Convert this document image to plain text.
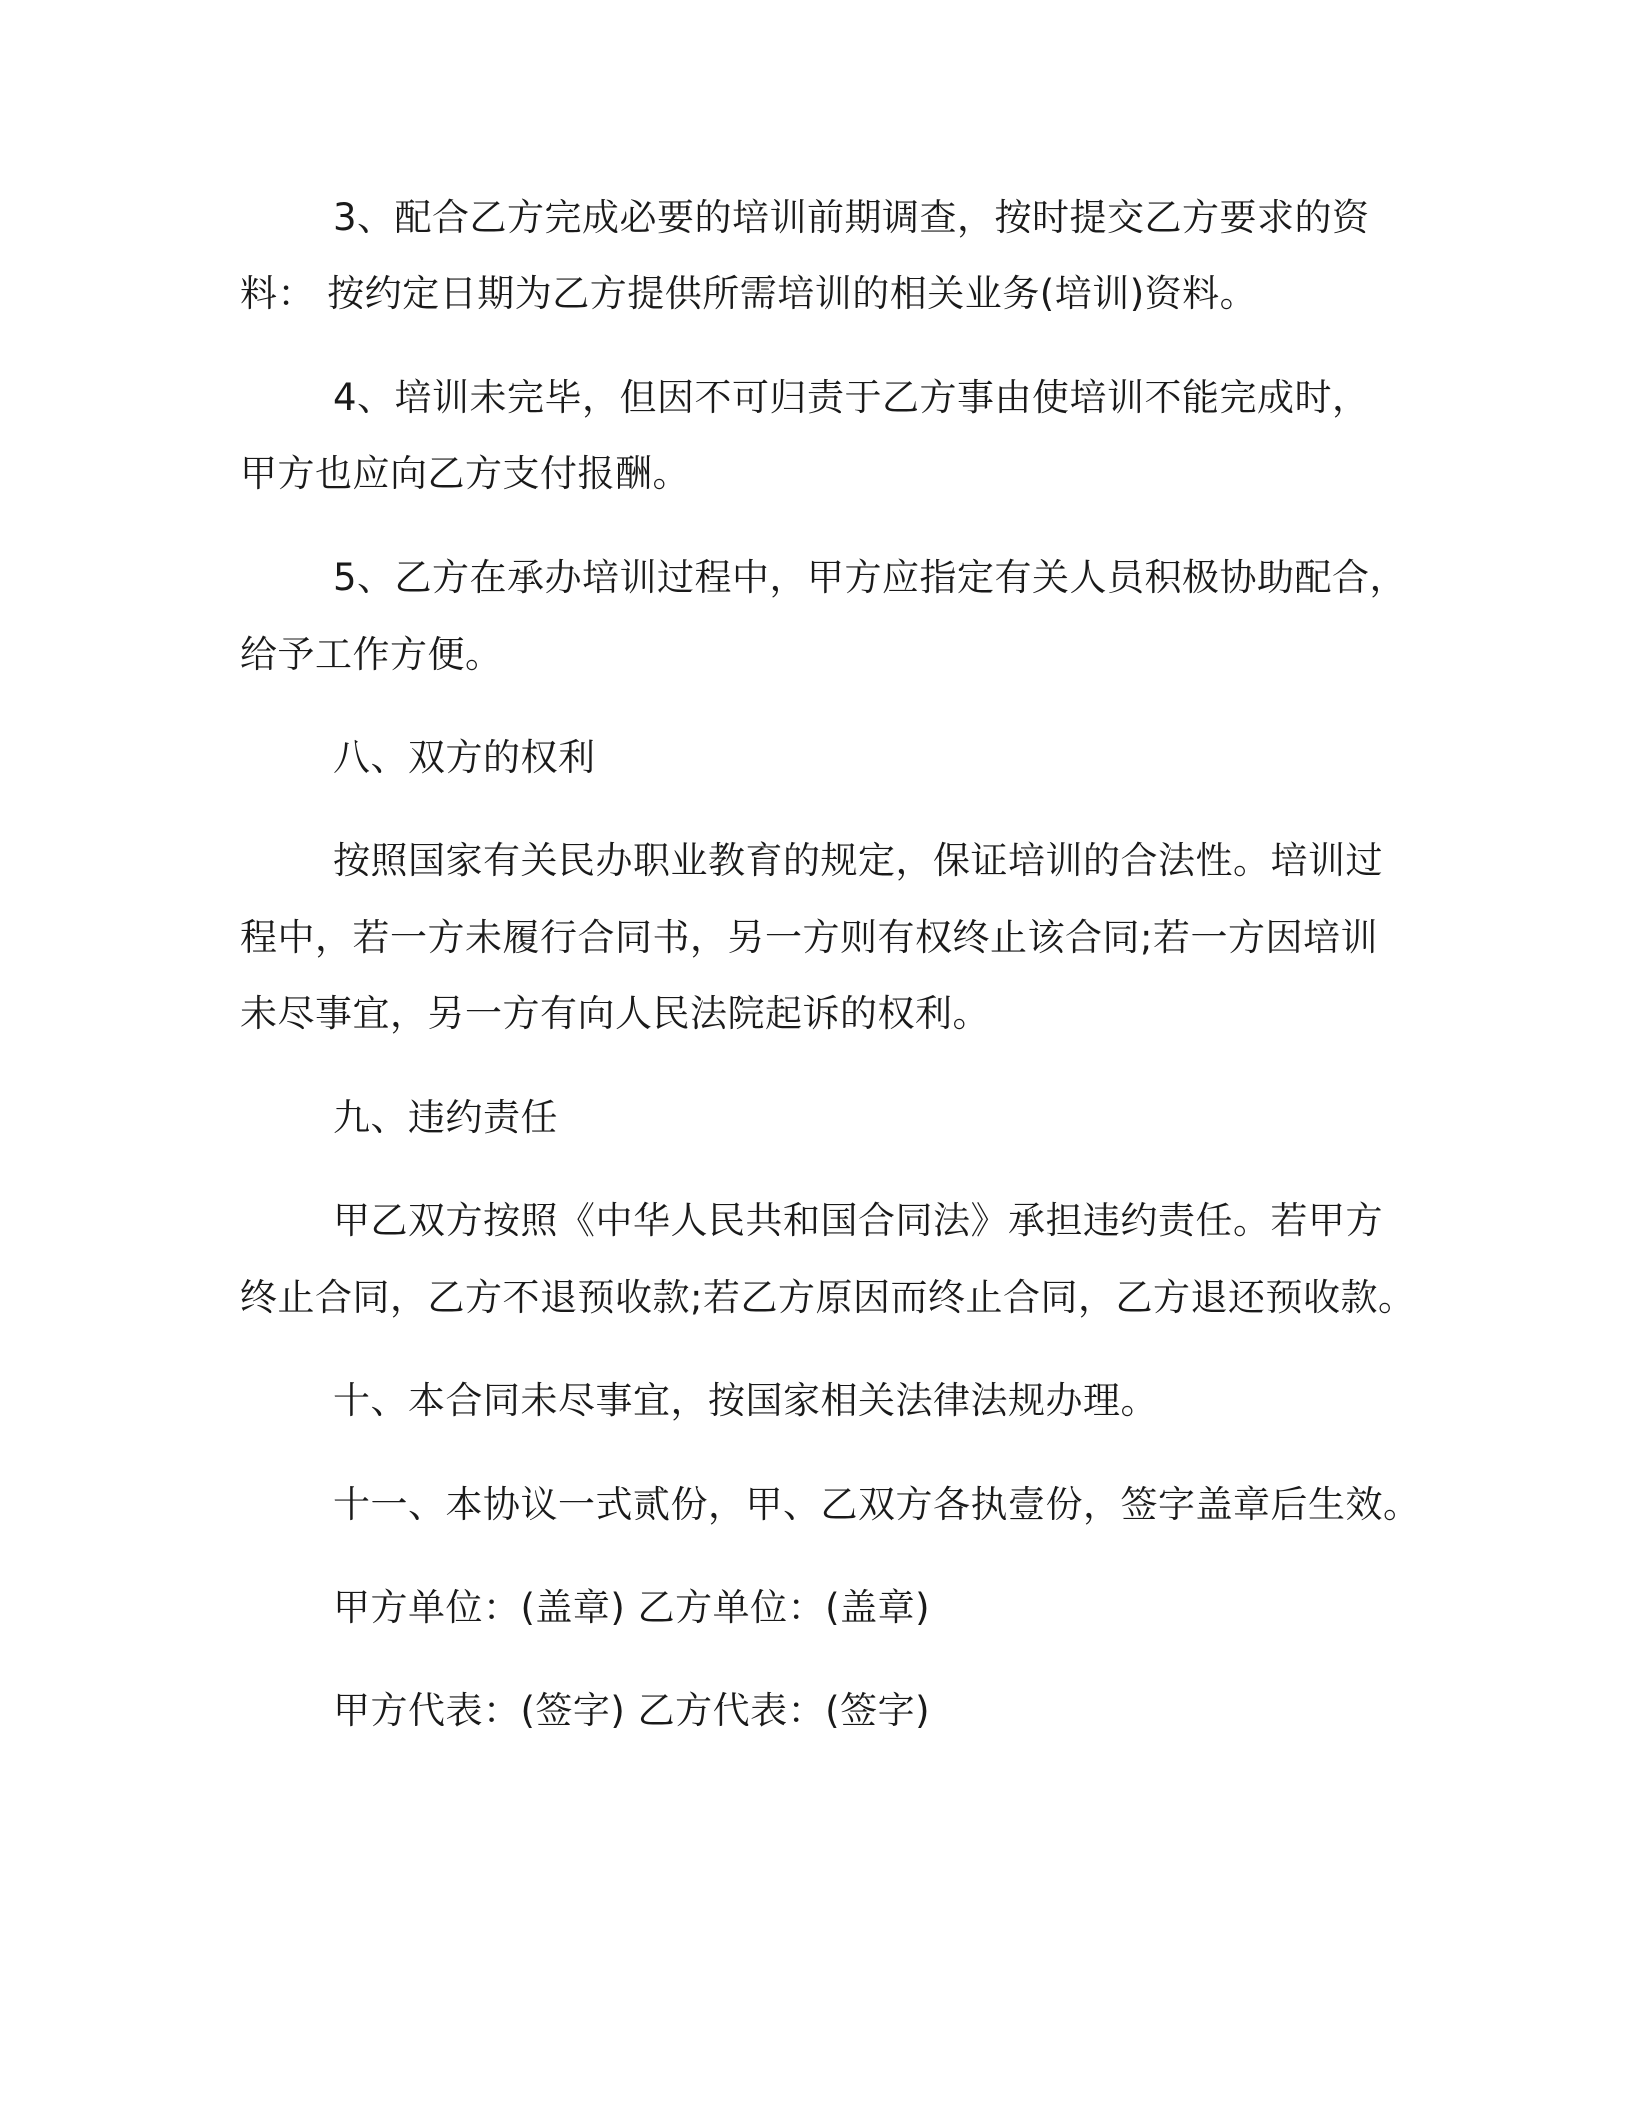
3、配合乙方完成必要的培训前期调查，按时提交乙方要求的资
料： 按约定日期为乙方提供所需培训的相关业务(培训)资料。
4、培训未完毕，但因不可归责于乙方事由使培训不能完成时，
甲方也应向乙方支付报酬。
5、乙方在承办培训过程中，甲方应指定有关人员积极协助配合，
给予工作方便。
八、双方的权利
按照国家有关民办职业教育的规定，保证培训的合法性。培训过
程中，若一方未履行合同书，另一方则有权终止该合同;若一方因培训
未尽事宜，另一方有向人民法院起诉的权利。
九、违约责任
甲乙双方按照《中华人民共和国合同法》承担违约责任。若甲方
终止合同，乙方不退预收款;若乙方原因而终止合同，乙方退还预收款。
十、本合同未尽事宜，按国家相关法律法规办理。
十一、本协议一式贰份，甲、乙双方各执壹份，签字盖章后生效。
甲方单位：(盖章) 乙方单位：(盖章)
甲方代表：(签字) 乙方代表：(签字)
